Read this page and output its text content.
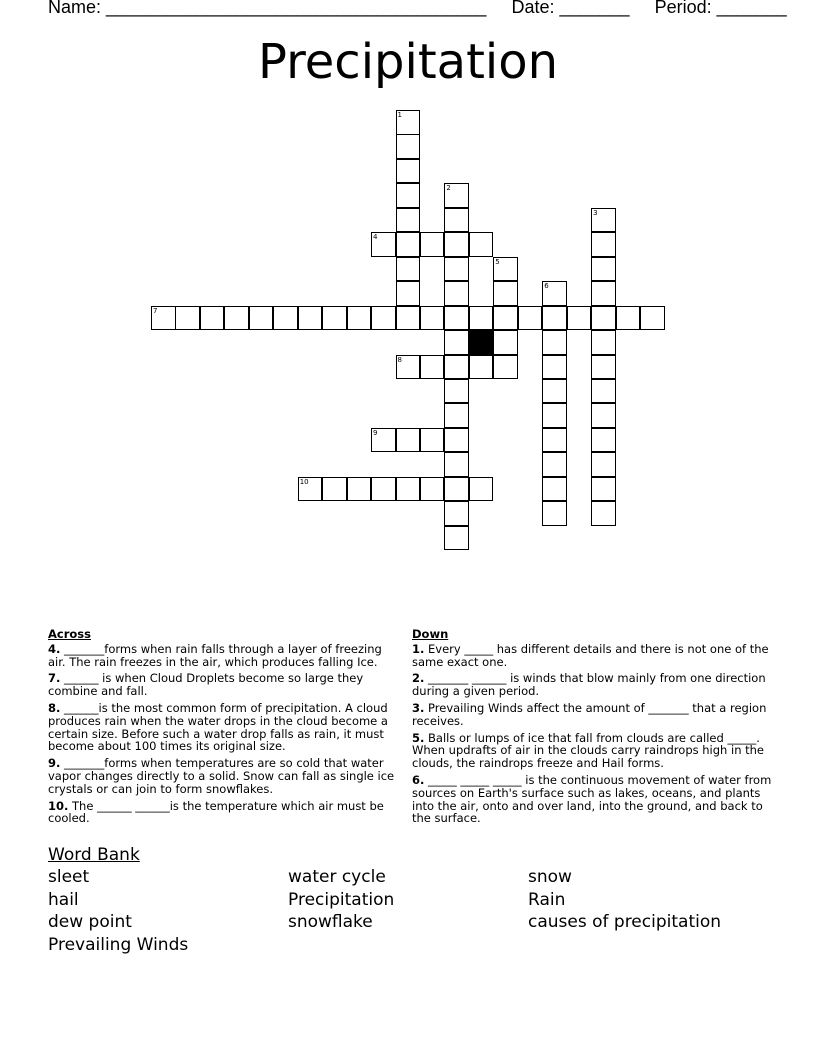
Name: ______________________________________ Date: _______ Period: _______
Precipitation
4
7
8
9
10
1
2
3
5
6
Across
4. _______forms when rain falls through a layer of freezing air. The rain freezes in the air, which produces falling Ice.
7. ______ is when Cloud Droplets become so large they combine and fall.
8. ______is the most common form of precipitation. A cloud produces rain when the water drops in the cloud become a certain size. Before such a water drop falls as rain, it must become about 100 times its original size.
9. _______forms when temperatures are so cold that water vapor changes directly to a solid. Snow can fall as single ice crystals or can join to form snowflakes.
10. The ______ ______is the temperature which air must be cooled.
Down
1. Every _____ has different details and there is not one of the same exact one.
2. _______ ______ is winds that blow mainly from one direction during a given period.
3. Prevailing Winds affect the amount of _______ that a region receives.
5. Balls or lumps of ice that fall from clouds are called _____. When updrafts of air in the clouds carry raindrops high in the clouds, the raindrops freeze and Hail forms.
6. _____ _____ _____ is the continuous movement of water from sources on Earth's surface such as lakes, oceans, and plants into the air, onto and over land, into the ground, and back to the surface.
Word Bank
sleet	water cycle	snow
hail	Precipitation	Rain
dew point	snowflake	causes of precipitation
Prevailing Winds
